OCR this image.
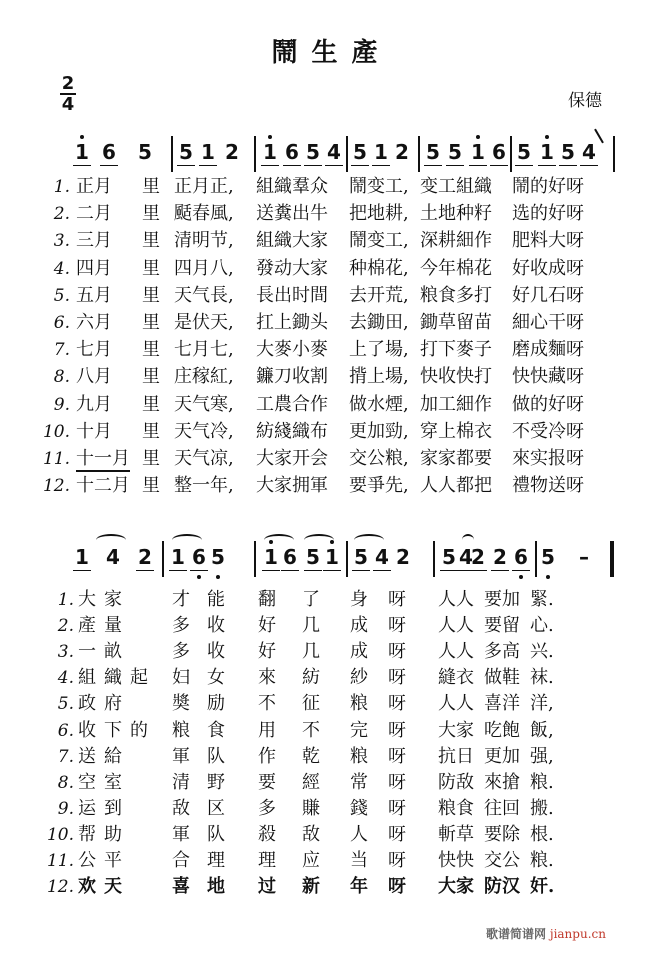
鬧生產
2
4	保德
1 6 5 5 1 2 1 6 5 4 5 1 2 5 5 1 6 5 1 5 4
1. 正月 里 正月正, 組織羣众 鬧变工, 变工組織 鬧的好呀
2. 二月 里 颳春風, 送糞出牛 把地耕, 土地种籽 选的好呀
3. 三月 里 清明节, 組織大家 鬧变工, 深耕細作 肥料大呀
4. 四月 里 四月八, 發动大家 种棉花, 今年棉花 好收成呀
5. 五月 里 天气長, 長出时間 去开荒, 粮食多打 好几石呀
6. 六月 里 是伏天, 扛上鋤头 去鋤田, 鋤草留苗 細心干呀
7. 七月 里 七月七, 大麥小麥 上了場, 打下麥子 磨成麵呀
8. 八月 里 庄稼紅, 鐮刀收割 揹上場, 快收快打 快快藏呀
9. 九月 里 天气寒, 工農合作 做水煙, 加工細作 做的好呀
10. 十月 里 天气冷, 紡綫織布 更加勁, 穿上棉衣 不受冷呀
11. 十一月 里 天气凉, 大家开会 交公粮, 家家都要 來实报呀
12. 十二月 里 整一年, 大家拥軍 要爭先, 人人都把 禮物送呀
1 4 2 1 6 5 1 6 5 1 5 4 2 5 4
2 2 6 5 –
1. 大 家	才 能 翻 了 身 呀 人人 要加 緊.
2. 產 量	多 收 好 几 成 呀 人人 要留 心.
3. 一 畝	多 收 好 几 成 呀 人人 多高 兴.
4. 組 織 起 妇 女 來 紡 紗 呀 縫衣 做鞋 袜.
5. 政 府	奬 励 不 征 粮 呀 人人 喜洋 洋,
6. 收 下 的 粮 食 用 不 完 呀 大家 吃飽 飯,
7. 送 給	軍 队 作 乾 粮 呀 抗日 更加 强,
8. 空 室	清 野 要 經 常 呀 防敌 來搶 粮.
9. 运 到	敌 区 多 賺 錢 呀 粮食 往回 搬.
10. 帮 助	軍 队 殺 敌 人 呀 斬草 要除 根.
11. 公 平	合 理 理 应 当 呀 快快 交公 粮.
12. 欢 天	喜 地 过 新 年 呀 大家 防汉 奸.
歌谱简谱网 jianpu.cn
